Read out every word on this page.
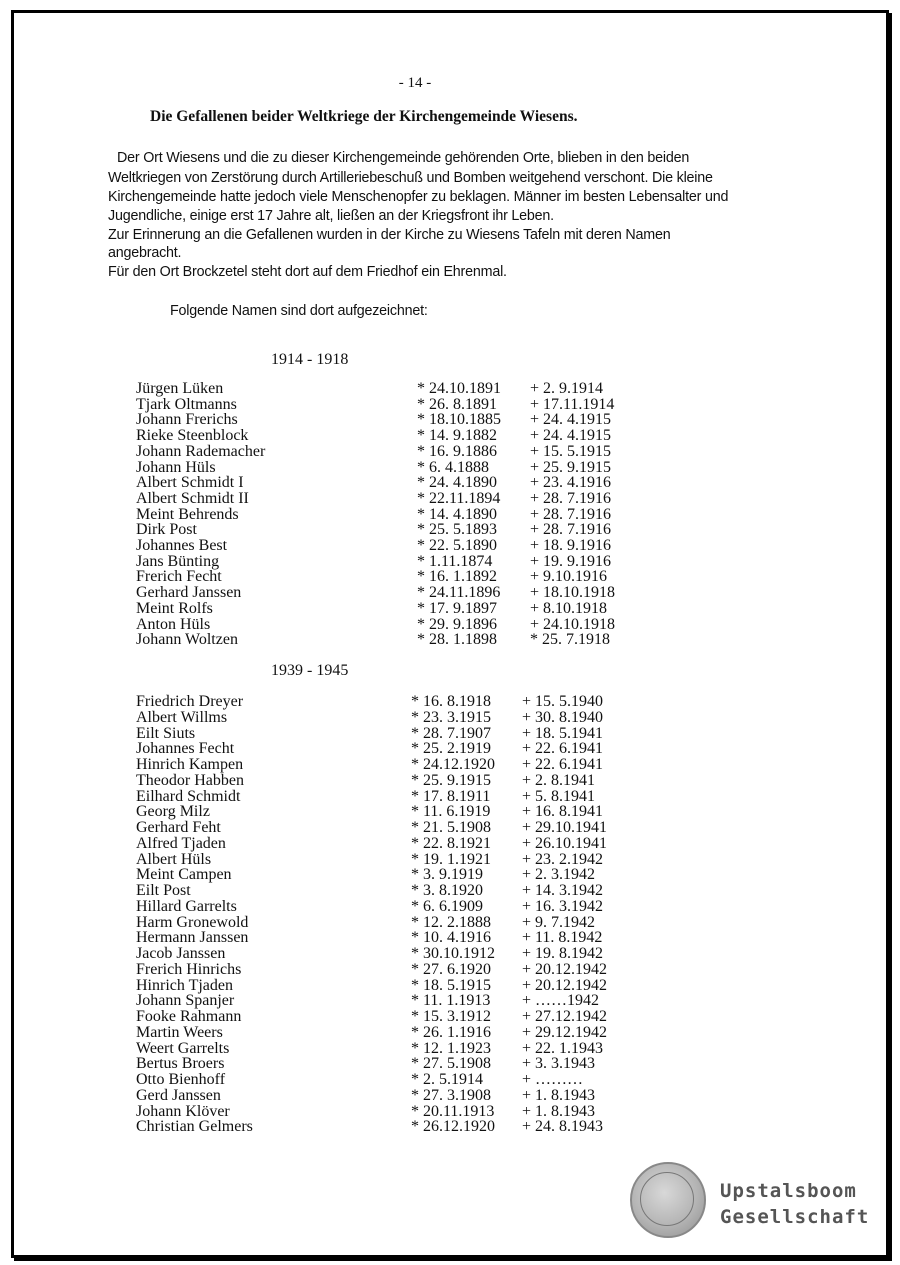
- 14 -
Die Gefallenen beider Weltkriege der Kirchengemeinde Wiesens.
Der Ort Wiesens und die zu dieser Kirchengemeinde gehörenden Orte, blieben in den beiden
Weltkriegen von Zerstörung durch Artilleriebeschuß und Bomben weitgehend verschont. Die kleine
Kirchengemeinde hatte jedoch viele Menschenopfer zu beklagen. Männer im besten Lebensalter und
Jugendliche, einige erst 17 Jahre alt, ließen an der Kriegsfront ihr Leben.
Zur Erinnerung an die Gefallenen wurden in der Kirche zu Wiesens Tafeln mit deren Namen
angebracht.
Für den Ort Brockzetel steht dort auf dem Friedhof ein Ehrenmal.
Folgende Namen sind dort aufgezeichnet:
1914 - 1918
Jürgen Lüken	* 24.10.1891 + 2. 9.1914
Tjark Oltmanns	* 26. 8.1891 + 17.11.1914
Johann Frerichs	* 18.10.1885 + 24. 4.1915
Rieke Steenblock	* 14. 9.1882 + 24. 4.1915
Johann Rademacher	* 16. 9.1886 + 15. 5.1915
Johann Hüls	* 6. 4.1888	+ 25. 9.1915
Albert Schmidt I	* 24. 4.1890 + 23. 4.1916
Albert Schmidt II	* 22.11.1894 + 28. 7.1916
Meint Behrends	* 14. 4.1890 + 28. 7.1916
Dirk Post	* 25. 5.1893 + 28. 7.1916
Johannes Best	* 22. 5.1890 + 18. 9.1916
Jans Bünting	* 1.11.1874 + 19. 9.1916
Frerich Fecht	* 16. 1.1892 + 9.10.1916
Gerhard Janssen	* 24.11.1896 + 18.10.1918
Meint Rolfs	* 17. 9.1897 + 8.10.1918
Anton Hüls	* 29. 9.1896 + 24.10.1918
Johann Woltzen	* 28. 1.1898 * 25. 7.1918
1939 - 1945
Friedrich Dreyer	* 16. 8.1918 + 15. 5.1940
Albert Willms	* 23. 3.1915 + 30. 8.1940
Eilt Siuts	* 28. 7.1907 + 18. 5.1941
Johannes Fecht	* 25. 2.1919 + 22. 6.1941
Hinrich Kampen	* 24.12.1920 + 22. 6.1941
Theodor Habben	* 25. 9.1915 + 2. 8.1941
Eilhard Schmidt	* 17. 8.1911 + 5. 8.1941
Georg Milz	* 11. 6.1919 + 16. 8.1941
Gerhard Feht	* 21. 5.1908 + 29.10.1941
Alfred Tjaden	* 22. 8.1921 + 26.10.1941
Albert Hüls	* 19. 1.1921 + 23. 2.1942
Meint Campen	* 3. 9.1919 + 2. 3.1942
Eilt Post	* 3. 8.1920 + 14. 3.1942
Hillard Garrelts	* 6. 6.1909 + 16. 3.1942
Harm Gronewold	* 12. 2.1888 + 9. 7.1942
Hermann Janssen	* 10. 4.1916 + 11. 8.1942
Jacob Janssen	* 30.10.1912 + 19. 8.1942
Frerich Hinrichs	* 27. 6.1920 + 20.12.1942
Hinrich Tjaden	* 18. 5.1915 + 20.12.1942
Johann Spanjer	* 11. 1.1913 + ……1942
Fooke Rahmann	* 15. 3.1912 + 27.12.1942
Martin Weers	* 26. 1.1916 + 29.12.1942
Weert Garrelts	* 12. 1.1923 + 22. 1.1943
Bertus Broers	* 27. 5.1908 + 3. 3.1943
Otto Bienhoff	* 2. 5.1914 + ………
Gerd Janssen	* 27. 3.1908 + 1. 8.1943
Johann Klöver	* 20.11.1913 + 1. 8.1943
Christian Gelmers	* 26.12.1920 + 24. 8.1943
Upstalsboom
Gesellschaft
